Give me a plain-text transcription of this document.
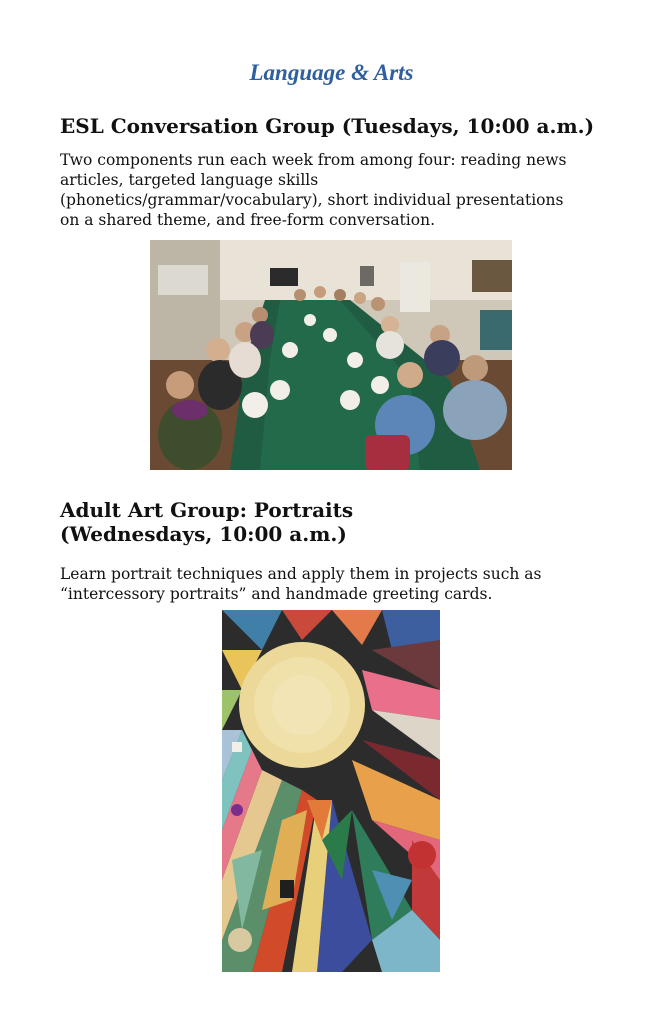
Language & Arts
ESL Conversation Group (Tuesdays, 10:00 a.m.)
Two components run each week from among four: reading news
articles, targeted language skills
(phonetics/grammar/vocabulary), short individual presentations
on a shared theme, and free-form conversation.
Adult Art Group: Portraits
(Wednesdays, 10:00 a.m.)
Learn portrait techniques and apply them in projects such as
“intercessory portraits” and handmade greeting cards.
